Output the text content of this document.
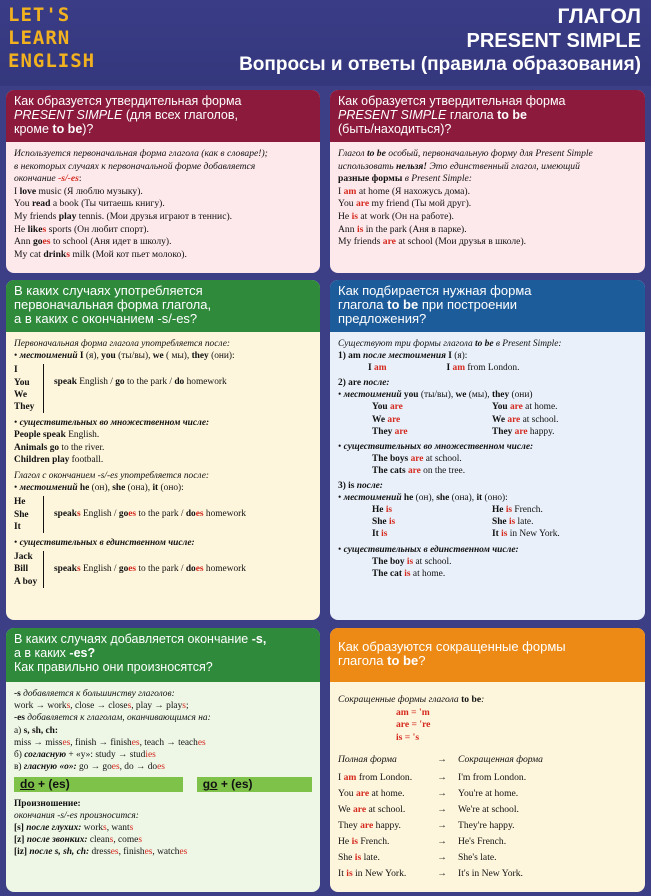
LET'S
LEARN
ENGLISH
ГЛАГОЛ
PRESENT SIMPLE
Вопросы и ответы (правила образования)
Как образуется утвердительная форма
PRESENT SIMPLE (для всех глаголов,
кроме to be)?
Используется первоначальная форма глагола (как в словаре!);
в некоторых случаях к первоначальной форме добавляется
окончание -s/-es:
I love music (Я люблю музыку).
You read a book (Ты читаешь книгу).
My friends play tennis. (Мои друзья играют в теннис).
He likes sports (Он любит спорт).
Ann goes to school (Аня идет в школу).
My cat drinks milk (Мой кот пьет молоко).
Как образуется утвердительная форма
PRESENT SIMPLE глагола to be
(быть/находиться)?
Глагол to be особый, первоначальную форму для Present Simple
использовать нельзя! Это единственный глагол, имеющий
разные формы в Present Simple:
I am at home (Я нахожусь дома).
You are my friend (Ты мой друг).
He is at work (Он на работе).
Ann is in the park (Аня в парке).
My friends are at school (Мои друзья в школе).
В каких случаях употребляется
первоначальная форма глагола,
а в каких с окончанием -s/-es?
Первоначальная форма глагола употребляется после:
• местоимений I (я), you (ты/вы), we ( мы), they (они):
I
You
We
They
speak English / go to the park / do homework
• существительных во множественном числе:
People speak English.
Animals go to the river.
Children play football.
Глагол с окончанием -s/-es употребляется после:
• местоимений he (он), she (она), it (оно):
He
She
It
speaks English / goes to the park / does homework
• существительных в единственном числе:
Jack
Bill
A boy
speaks English / goes to the park / does homework
Как подбирается нужная форма
глагола to be при построении
предложения?
Существуют три формы глагола to be в Present Simple:
1) am после местоимения I (я):
I am	I am from London.
2) are после:
• местоимений you (ты/вы), we (мы), they (они)
You are	You are at home.
We are	We are at school.
They are	They are happy.
• существительных во множественном числе:
The boys are at school.
The cats are on the tree.
3) is после:
• местоимений he (он), she (она), it (оно):
He is	He is French.
She is	She is late.
It is	It is in New York.
• существительных в единственном числе:
The boy is at school.
The cat is at home.
В каких случаях добавляется окончание -s,
а в каких -es?
Как правильно они произносятся?
-s добавляется к большинству глаголов:
work → works, close → closes, play → plays;
-es добавляется к глаголам, оканчивающимся на:
а) s, sh, ch:
miss → misses, finish → finishes, teach → teaches
б) согласную + «у»: study → studies
в) гласную «о»: go → goes, do → does
do + (es)	go + (es)
Произношение:
окончания -s/-es произносится:
[s] после глухих: works, wants
[z] после звонких: cleans, comes
[iz] после s, sh, ch: dresses, finishes, watches
Как образуются сокращенные формы
глагола to be?
Сокращенные формы глагола to be:
am = 'm
are = 're
is = 's
Полная форма	→	Сокращенная форма
I am from London.	→	I'm from London.
You are at home.	→	You're at home.
We are at school.	→	We're at school.
They are happy.	→	They're happy.
He is French.	→	He's French.
She is late.	→	She's late.
It is in New York.	→	It's in New York.
